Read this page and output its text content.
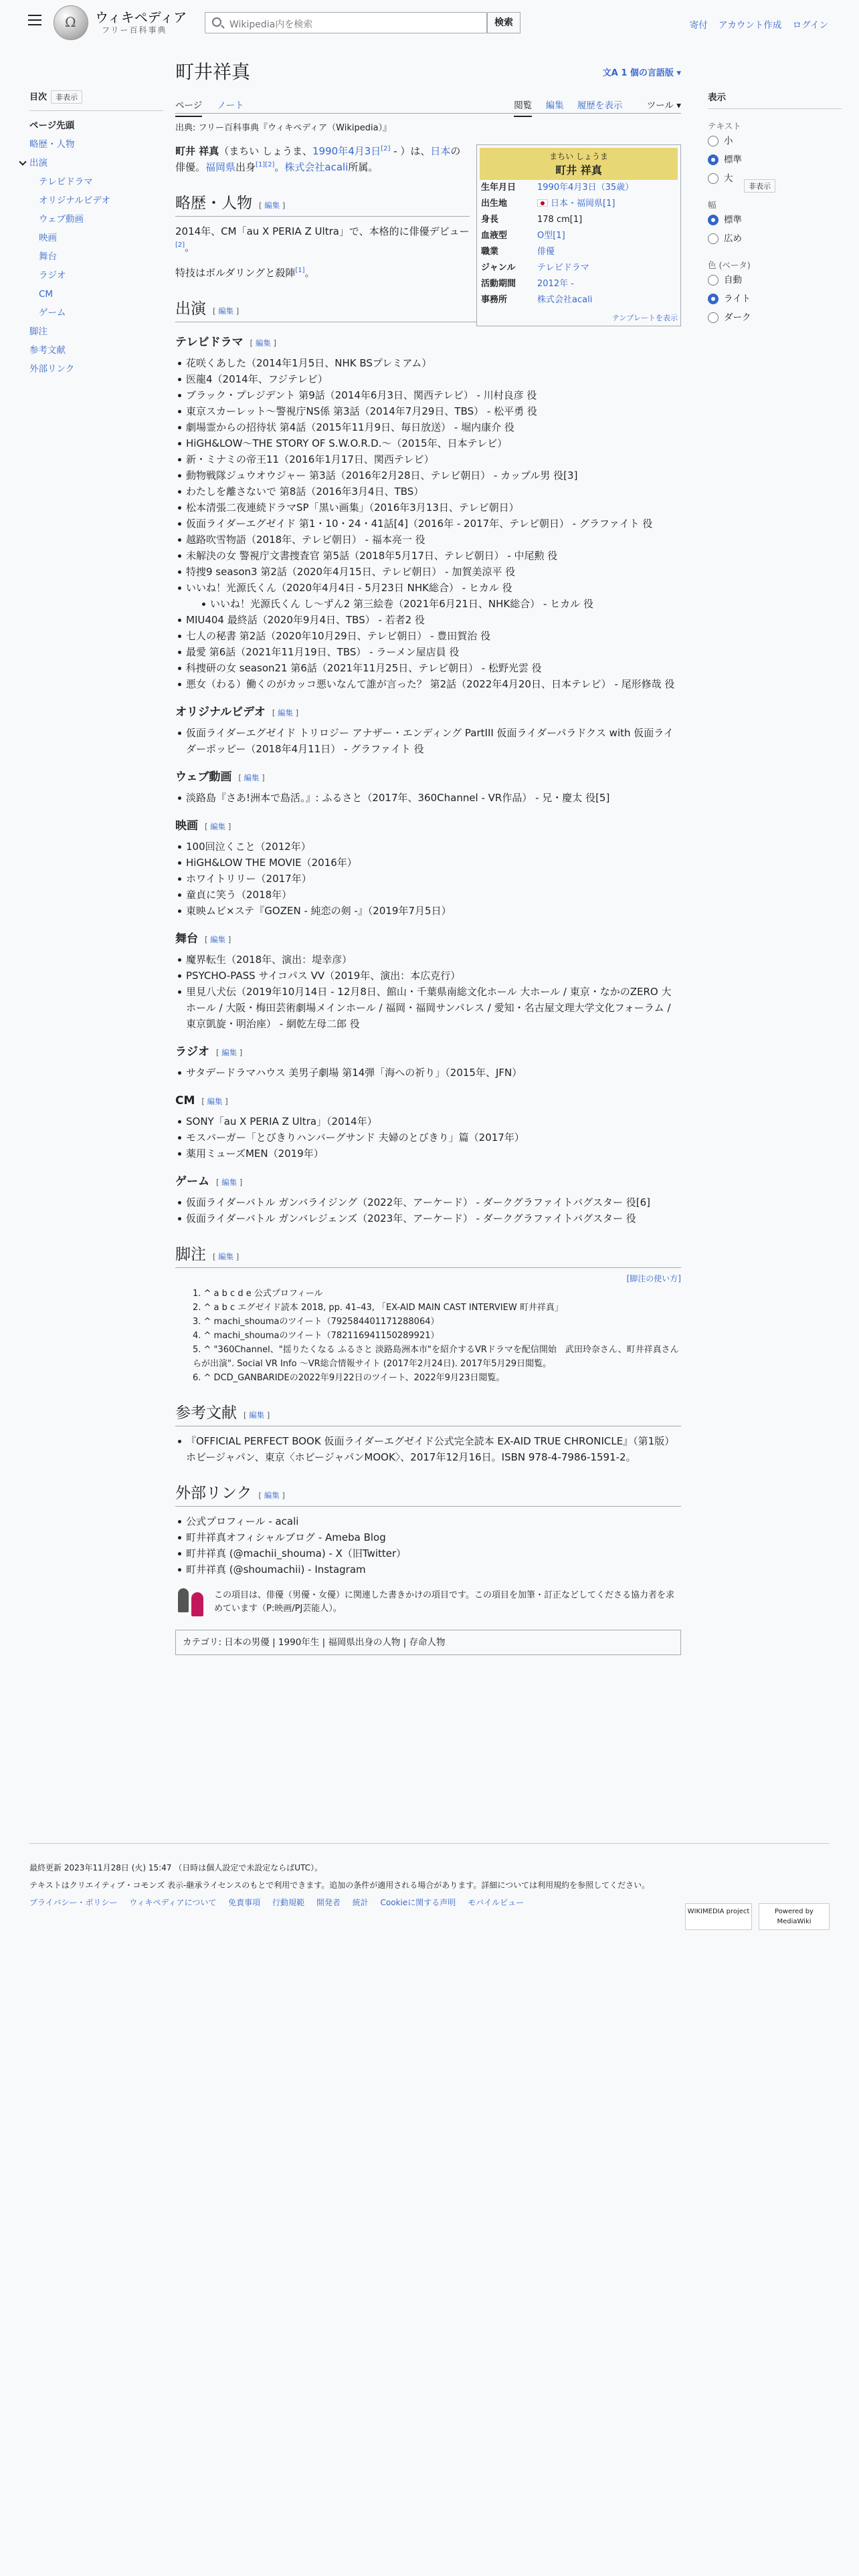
Ω
ウィキペディア
フリー百科事典	Wikipedia内を検索	検索	寄付 アカウント作成 ログイン
目次 非表示
ページ先頭
略歴・人物
出演
テレビドラマ
オリジナルビデオ
ウェブ動画
映画
舞台
ラジオ
CM
ゲーム
脚注
参考文献
外部リンク
町井祥真	文A 1 個の言語版 ▾
ページ ノート	閲覧 編集 履歴を表示	ツール ▾
出典: フリー百科事典『ウィキペディア（Wikipedia）』

町井 祥真（まちい しょうま、1990年4月3日[2] - ）は、日本の俳優。福岡県出身[1][2]。株式会社acali所属。

略歴・人物 [ 編集 ]

2014年、CM「au X PERIA Z Ultra」で、本格的に俳優デビュー[2]。

特技はボルダリングと殺陣[1]。

出演 [ 編集 ]
テレビドラマ [ 編集 ]
花咲くあした（2014年1月5日、NHK BSプレミアム）
医龍4（2014年、フジテレビ）
ブラック・プレジデント 第9話（2014年6月3日、関西テレビ） - 川村良彦 役
東京スカーレット〜警視庁NS係 第3話（2014年7月29日、TBS） - 松平勇 役
劇場霊からの招待状 第4話（2015年11月9日、毎日放送） - 堀内康介 役
HiGH&LOW〜THE STORY OF S.W.O.R.D.〜（2015年、日本テレビ）
新・ミナミの帝王11（2016年1月17日、関西テレビ）
動物戦隊ジュウオウジャー 第3話（2016年2月28日、テレビ朝日） - カップル男 役[3]
わたしを離さないで 第8話（2016年3月4日、TBS）
松本清張二夜連続ドラマSP「黒い画集」（2016年3月13日、テレビ朝日）
仮面ライダーエグゼイド 第1・10・24・41話[4]（2016年 - 2017年、テレビ朝日） - グラファイト 役
越路吹雪物語（2018年、テレビ朝日） - 福本亮一 役
未解決の女 警視庁文書捜査官 第5話（2018年5月17日、テレビ朝日） - 中尾勲 役
特捜9 season3 第2話（2020年4月15日、テレビ朝日） - 加賀美涼平 役
いいね！光源氏くん（2020年4月4日 - 5月23日 NHK総合） - ヒカル 役
いいね！光源氏くん し〜ずん2 第三絵巻（2021年6月21日、NHK総合） - ヒカル 役
MIU404 最終話（2020年9月4日、TBS） - 若者2 役
七人の秘書 第2話（2020年10月29日、テレビ朝日） - 豊田賀治 役
最愛 第6話（2021年11月19日、TBS） - ラーメン屋店員 役
科捜研の女 season21 第6話（2021年11月25日、テレビ朝日） - 松野光雲 役
悪女（わる）働くのがカッコ悪いなんて誰が言った？ 第2話（2022年4月20日、日本テレビ） - 尾形修哉 役
オリジナルビデオ [ 編集 ]
仮面ライダーエグゼイド トリロジー アナザー・エンディング PartIII 仮面ライダーパラドクス with 仮面ライダーポッピー（2018年4月11日） - グラファイト 役
ウェブ動画 [ 編集 ]
淡路島『さあ!洲本で島活。』: ふるさと（2017年、360Channel - VR作品） - 兄・慶太 役[5]
映画 [ 編集 ]
100回泣くこと（2012年）
HiGH&LOW THE MOVIE（2016年）
ホワイトリリー（2017年）
童貞に笑う（2018年）
東映ムビ×ステ『GOZEN - 純恋の剣 -』（2019年7月5日）
舞台 [ 編集 ]
魔界転生（2018年、演出：堤幸彦）
PSYCHO-PASS サイコパス VV（2019年、演出：本広克行）
里見八犬伝（2019年10月14日 - 12月8日、館山・千葉県南総文化ホール 大ホール / 東京・なかのZERO 大ホール / 大阪・梅田芸術劇場メインホール / 福岡・福岡サンパレス / 愛知・名古屋文理大学文化フォーラム / 東京凱旋・明治座） - 網乾左母二郎 役
ラジオ [ 編集 ]
サタデードラマハウス 美男子劇場 第14弾「海への祈り」（2015年、JFN）
CM [ 編集 ]
SONY「au X PERIA Z Ultra」（2014年）
モスバーガー「とびきりハンバーグサンド 夫婦のとびきり」篇（2017年）
薬用ミューズMEN（2019年）
ゲーム [ 編集 ]
仮面ライダーバトル ガンバライジング（2022年、アーケード） - ダークグラファイトバグスター 役[6]
仮面ライダーバトル ガンバレジェンズ（2023年、アーケード） - ダークグラファイトバグスター 役
脚注 [ 編集 ]
[脚注の使い方]
1. ^ a b c d e 公式プロフィール
2. ^ a b c エグゼイド読本 2018, pp. 41–43, 「EX-AID MAIN CAST INTERVIEW 町井祥真」
3. ^ machi_shoumaのツイート（792584401171288064）
4. ^ machi_shoumaのツイート（782116941150289921）
5. ^ "360Channel、"揺りたくなる ふるさと 淡路島洲本市"を紹介するVRドラマを配信開始　武田玲奈さん、町井祥真さんらが出演". Social VR Info ～VR総合情報サイト (2017年2月24日). 2017年5月29日閲覧。
6. ^ DCD_GANBARIDEの2022年9月22日のツイート、2022年9月23日閲覧。
参考文献 [ 編集 ]
『OFFICIAL PERFECT BOOK 仮面ライダーエグゼイド公式完全読本 EX-AID TRUE CHRONICLE』（第1版）ホビージャパン、東京〈ホビージャパンMOOK〉、2017年12月16日。ISBN 978-4-7986-1591-2。
外部リンク [ 編集 ]
公式プロフィール - acali
町井祥真オフィシャルブログ - Ameba Blog
町井祥真 (@machii_shouma) - X（旧Twitter）
町井祥真 (@shoumachii) - Instagram
この項目は、俳優（男優・女優）に関連した書きかけの項目です。この項目を加筆・訂正などしてくださる協力者を求めています（P:映画/PJ芸能人）。
カテゴリ: 日本の男優 | 1990年生 | 福岡県出身の人物 | 存命人物
まちい しょうま
町井 祥真
生年月日	1990年4月3日（35歳）
出生地	日本・福岡県[1]
身長	178 cm[1]
血液型	O型[1]
職業	俳優
ジャンル	テレビドラマ
活動期間	2012年 -
事務所	株式会社acali
テンプレートを表示
表示
非表示
テキスト
小
標準
大
幅
標準
広め
色 (ベータ)
自動
ライト
ダーク
最終更新 2023年11月28日 (火) 15:47 （日時は個人設定で未設定ならばUTC）。
テキストはクリエイティブ・コモンズ 表示-継承ライセンスのもとで利用できます。追加の条件が適用される場合があります。詳細については利用規約を参照してください。
プライバシー・ポリシー ウィキペディアについて 免責事項 行動規範 開発者 統計 Cookieに関する声明 モバイルビュー
WIKIMEDIA project	Powered by MediaWiki
